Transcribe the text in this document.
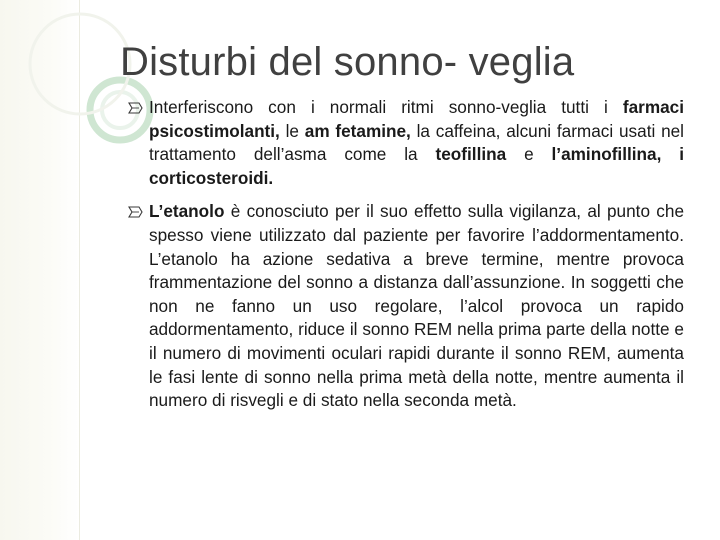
Disturbi del sonno- veglia
Interferiscono con i normali ritmi sonno-veglia tutti i farmaci psicostimolanti, le am fetamine, la caffeina, alcuni farmaci usati nel trattamento dell’asma come la teofillina e l’aminofillina, i corticosteroidi.
L’etanolo è conosciuto per il suo effetto sulla vigilanza, al punto che spesso viene utilizzato dal paziente per favorire l’addormentamento. L’etanolo ha azione sedativa a breve termine, mentre provoca frammentazione del sonno a distanza dall’assunzione. In soggetti che non ne fanno un uso regolare, l’alcol provoca un rapido addormentamento, riduce il sonno REM nella prima parte della notte e il numero di movimenti oculari rapidi durante il sonno REM, aumenta le fasi lente di sonno nella prima metà della notte, mentre aumenta il numero di risvegli e di stato nella seconda metà.
